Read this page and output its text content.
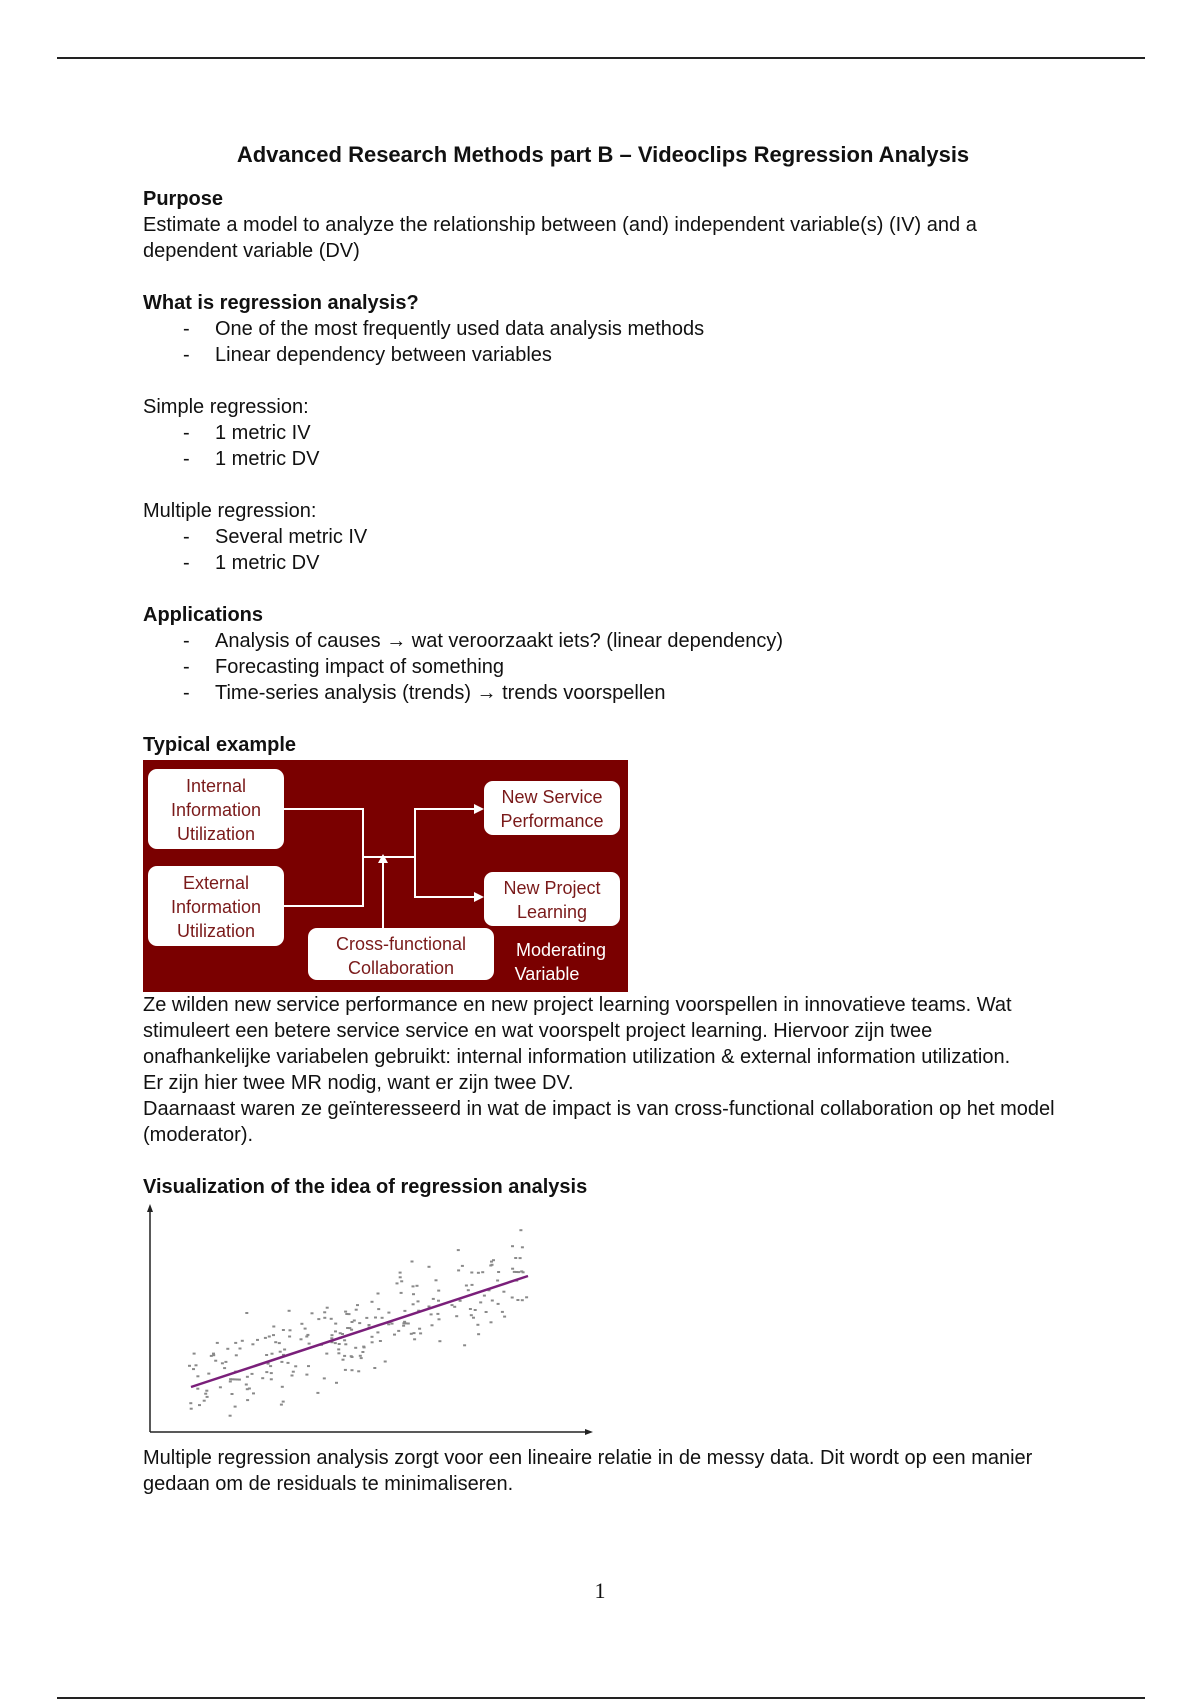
Advanced Research Methods part B – Videoclips Regression Analysis

Purpose

Estimate a model to analyze the relationship between (and) independent variable(s) (IV) and a dependent variable (DV)

What is regression analysis?

- One of the most frequently used data analysis methods
- Linear dependency between variables

Simple regression:

- 1 metric IV
- 1 metric DV

Multiple regression:

- Several metric IV
- 1 metric DV

Applications

- Analysis of causes → wat veroorzaakt iets? (linear dependency)
- Forecasting impact of something
- Time-series analysis (trends) → trends voorspellen

Typical example

Internal
Information
Utilization
External
Information
Utilization
Cross-functional
Collaboration
New Service
Performance
New Project
Learning
Moderating
Variable

Ze wilden new service performance en new project learning voorspellen in innovatieve teams. Wat stimuleert een betere service service en wat voorspelt project learning. Hiervoor zijn twee onafhankelijke variabelen gebruikt: internal information utilization & external information utilization.

Er zijn hier twee MR nodig, want er zijn twee DV.

Daarnaast waren ze geïnteresseerd in wat de impact is van cross-functional collaboration op het model (moderator).

Visualization of the idea of regression analysis

Multiple regression analysis zorgt voor een lineaire relatie in de messy data. Dit wordt op een manier gedaan om de residuals te minimaliseren.

1
